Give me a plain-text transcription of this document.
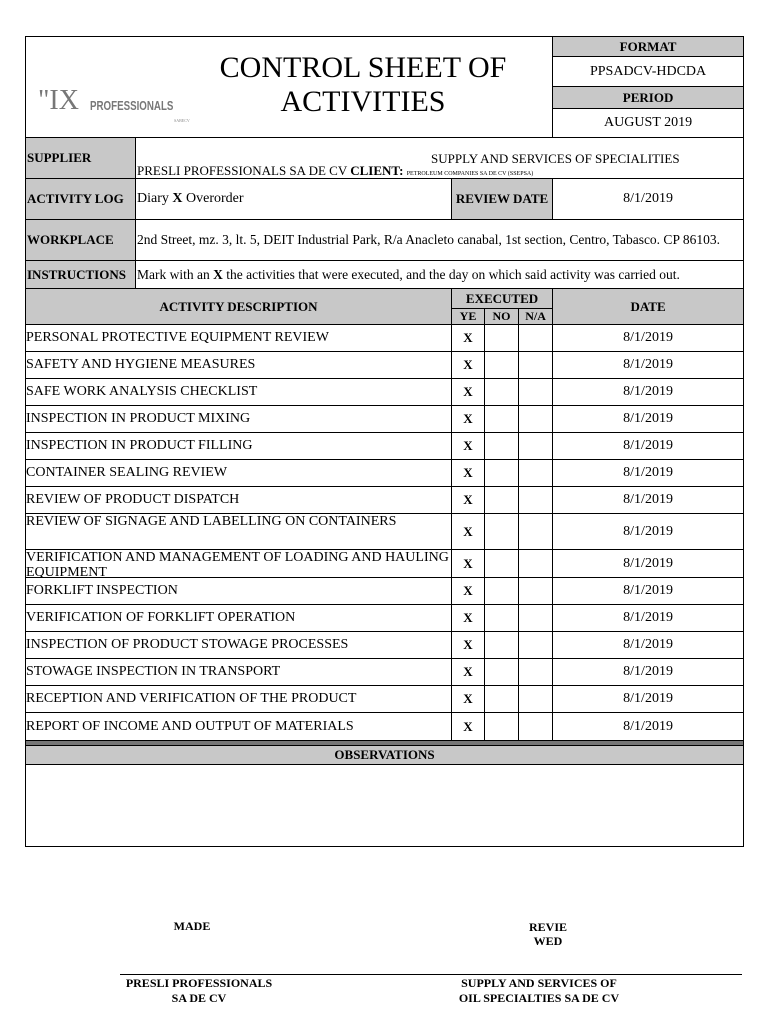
"IX PROFESSIONALS
SABECV
CONTROL SHEET OF ACTIVITIES					FORMAT
					PPSADCV-HDCDA
					PERIOD
					AUGUST 2019
SUPPLIER	SUPPLY AND SERVICES OF SPECIALITIES
PRESLI PROFESSIONALS SA DE CV CLIENT: PETROLEUM COMPANIES SA DE CV (SSEPSA)				

ACTIVITY LOG	Diary X Overorder	REVIEW DATE			8/1/2019
WORKPLACE	2nd Street, mz. 3, lt. 5, DEIT Industrial Park, R/a Anacleto canabal, 1st section, Centro, Tabasco. CP 86103.				
INSTRUCTIONS	Mark with an X the activities that were executed, and the day on which said activity was carried out.				
ACTIVITY DESCRIPTION		EXECUTED			DATE
		YE	NO	N/A	
PERSONAL PROTECTIVE EQUIPMENT REVIEW		X			8/1/2019
SAFETY AND HYGIENE MEASURES		X			8/1/2019
SAFE WORK ANALYSIS CHECKLIST		X			8/1/2019
INSPECTION IN PRODUCT MIXING		X			8/1/2019
INSPECTION IN PRODUCT FILLING		X			8/1/2019
CONTAINER SEALING REVIEW		X			8/1/2019
REVIEW OF PRODUCT DISPATCH		X			8/1/2019
REVIEW OF SIGNAGE AND LABELLING ON CONTAINERS		X			8/1/2019

VERIFICATION AND MANAGEMENT OF LOADING AND HAULING EQUIPMENT		X			8/1/2019
FORKLIFT INSPECTION		X			8/1/2019
VERIFICATION OF FORKLIFT OPERATION		X			8/1/2019
INSPECTION OF PRODUCT STOWAGE PROCESSES		X			8/1/2019
STOWAGE INSPECTION IN TRANSPORT		X			8/1/2019
RECEPTION AND VERIFICATION OF THE PRODUCT		X			8/1/2019
REPORT OF INCOME AND OUTPUT OF MATERIALS		X			8/1/2019

OBSERVATIONS					

MADE	REVIE WED
PRESLI PROFESSIONALS
SA DE CV
SUPPLY AND SERVICES OF
OIL SPECIALTIES SA DE CV
